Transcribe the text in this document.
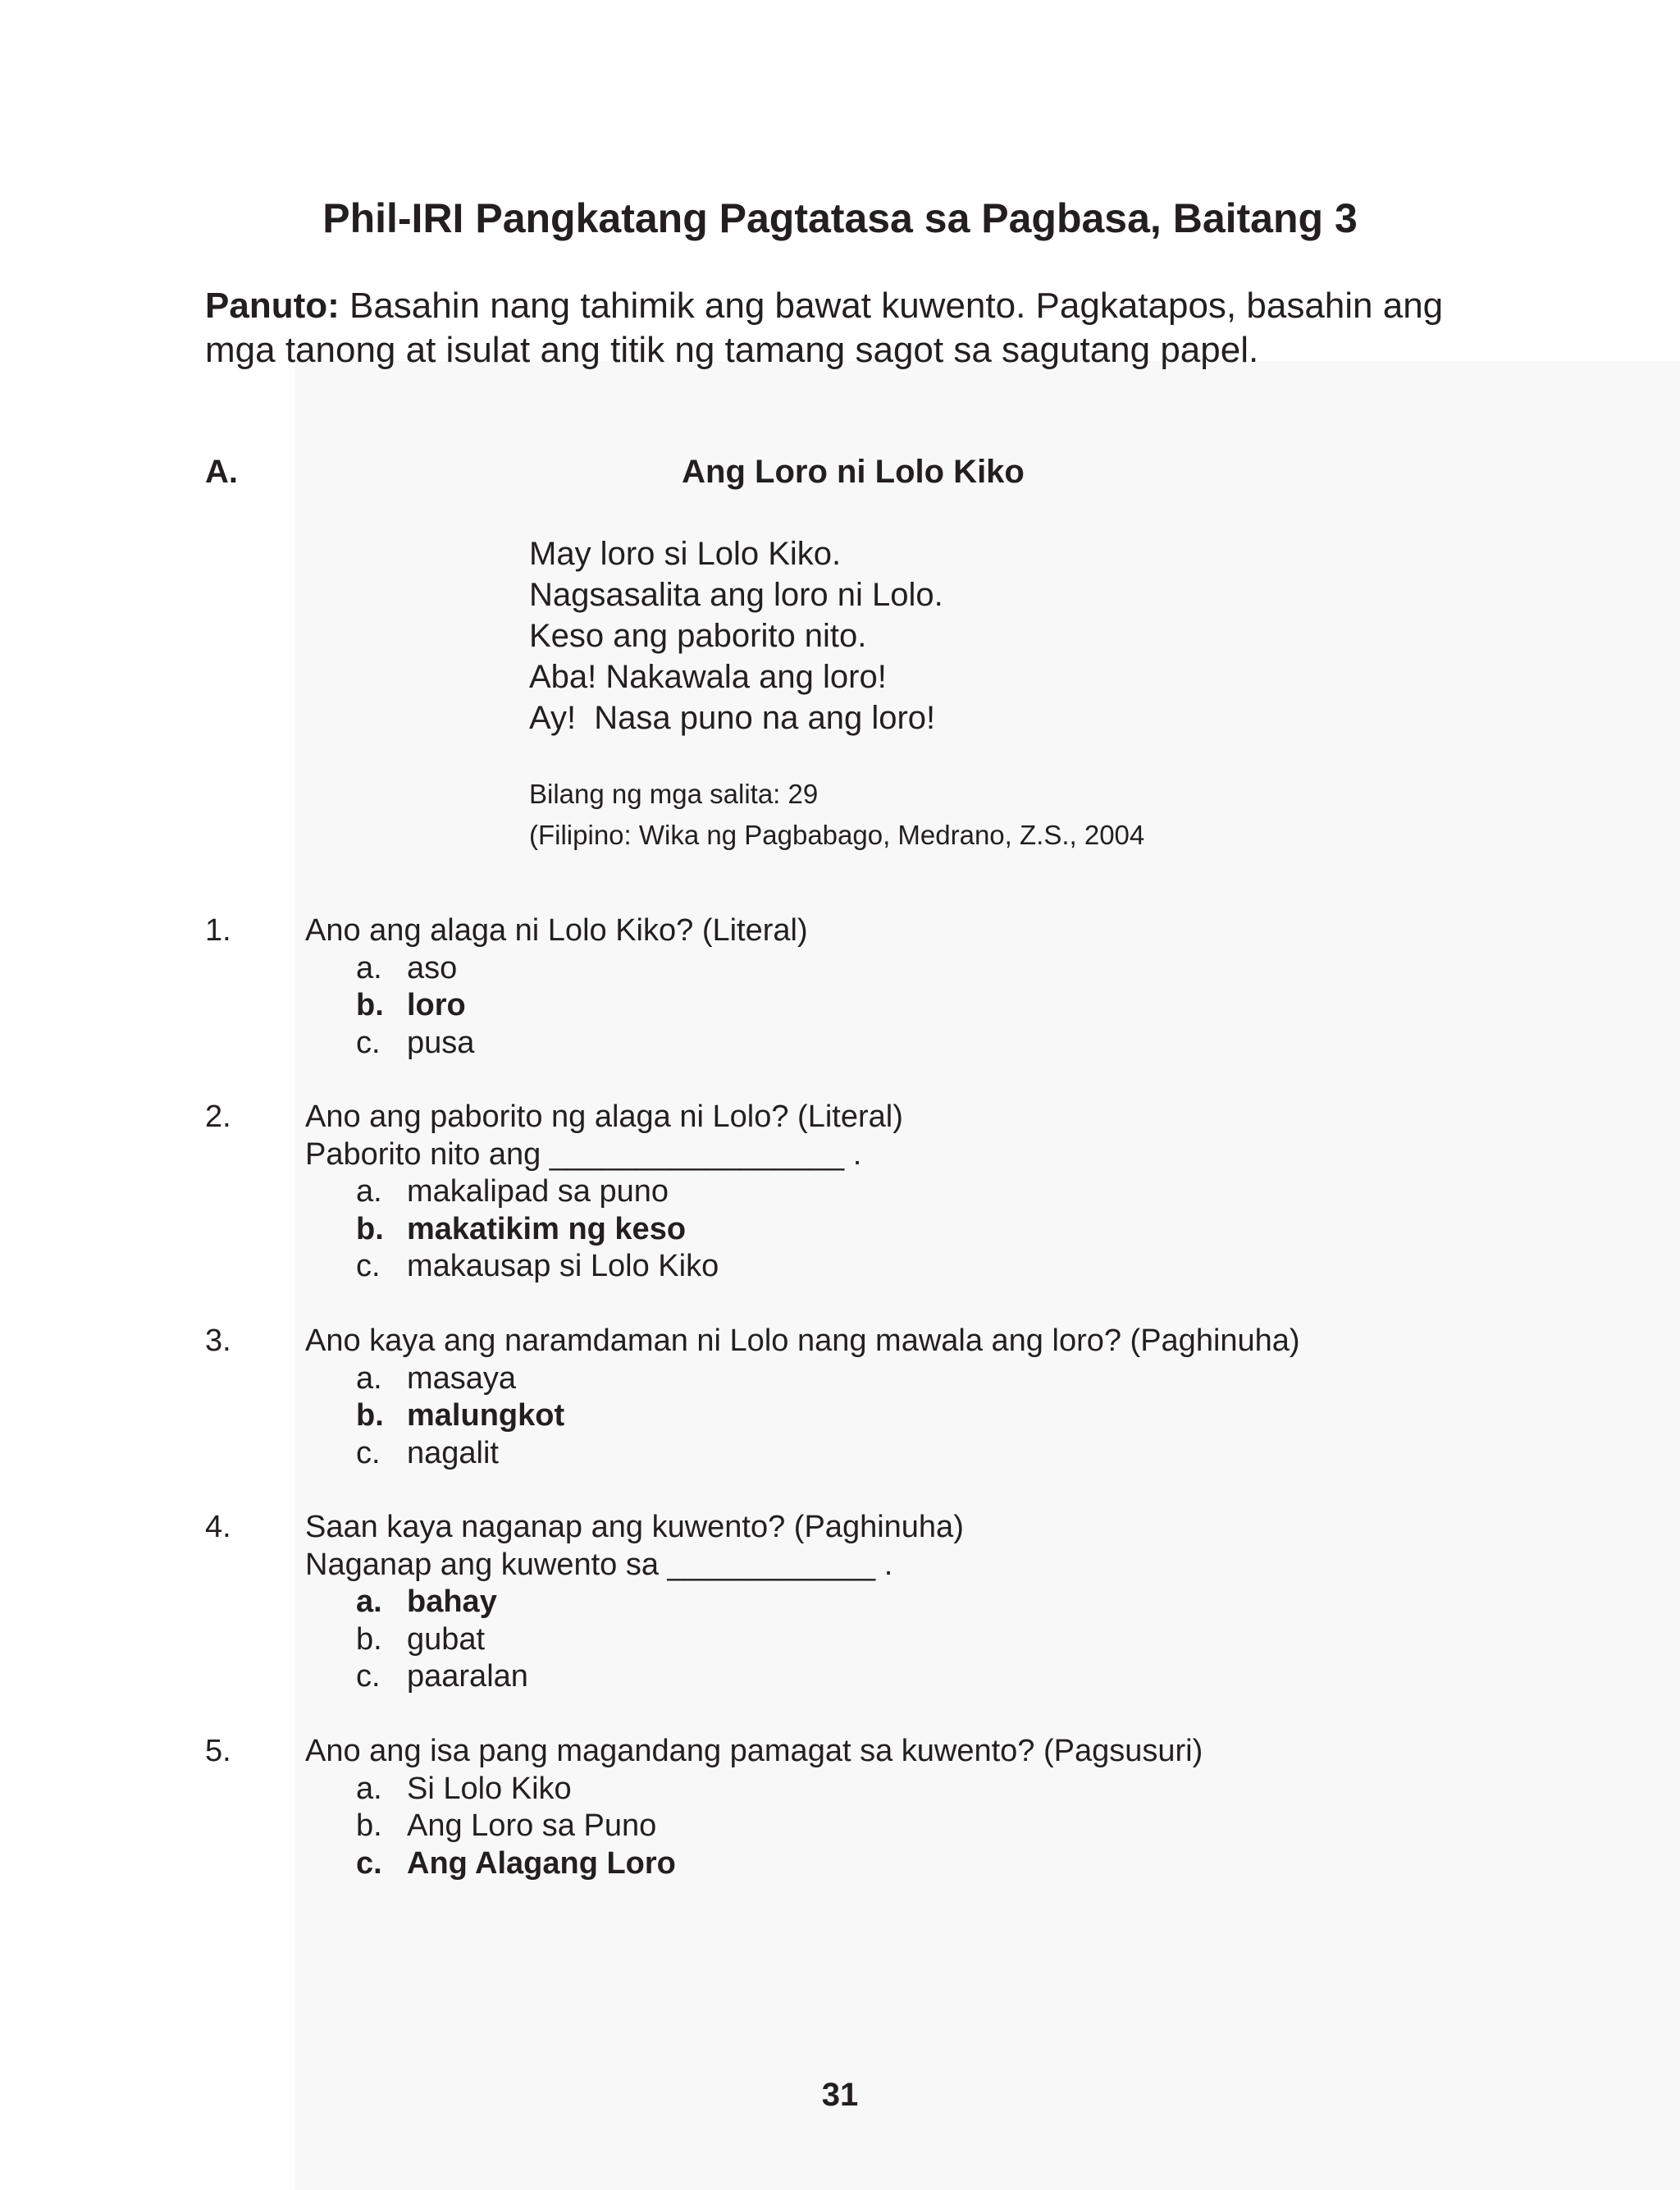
Phil-IRI Pangkatang Pagtatasa sa Pagbasa, Baitang 3
Panuto: Basahin nang tahimik ang bawat kuwento. Pagkatapos, basahin ang mga tanong at isulat ang titik ng tamang sagot sa sagutang papel.
A.	Ang Loro ni Lolo Kiko
May loro si Lolo Kiko.
Nagsasalita ang loro ni Lolo.
Keso ang paborito nito.
Aba! Nakawala ang loro!
Ay!  Nasa puno na ang loro!
Bilang ng mga salita: 29
(Filipino: Wika ng Pagbabago, Medrano, Z.S., 2004
1. Ano ang alaga ni Lolo Kiko? (Literal)
a. aso
b. loro
c. pusa
2. Ano ang paborito ng alaga ni Lolo? (Literal)
Paborito nito ang _________________ .
a. makalipad sa puno
b. makatikim ng keso
c. makausap si Lolo Kiko
3. Ano kaya ang naramdaman ni Lolo nang mawala ang loro? (Paghinuha)
a. masaya
b. malungkot
c. nagalit
4. Saan kaya naganap ang kuwento? (Paghinuha)
Naganap ang kuwento sa ____________ .
a. bahay
b. gubat
c. paaralan
5. Ano ang isa pang magandang pamagat sa kuwento? (Pagsusuri)
a. Si Lolo Kiko
b. Ang Loro sa Puno
c. Ang Alagang Loro
31
